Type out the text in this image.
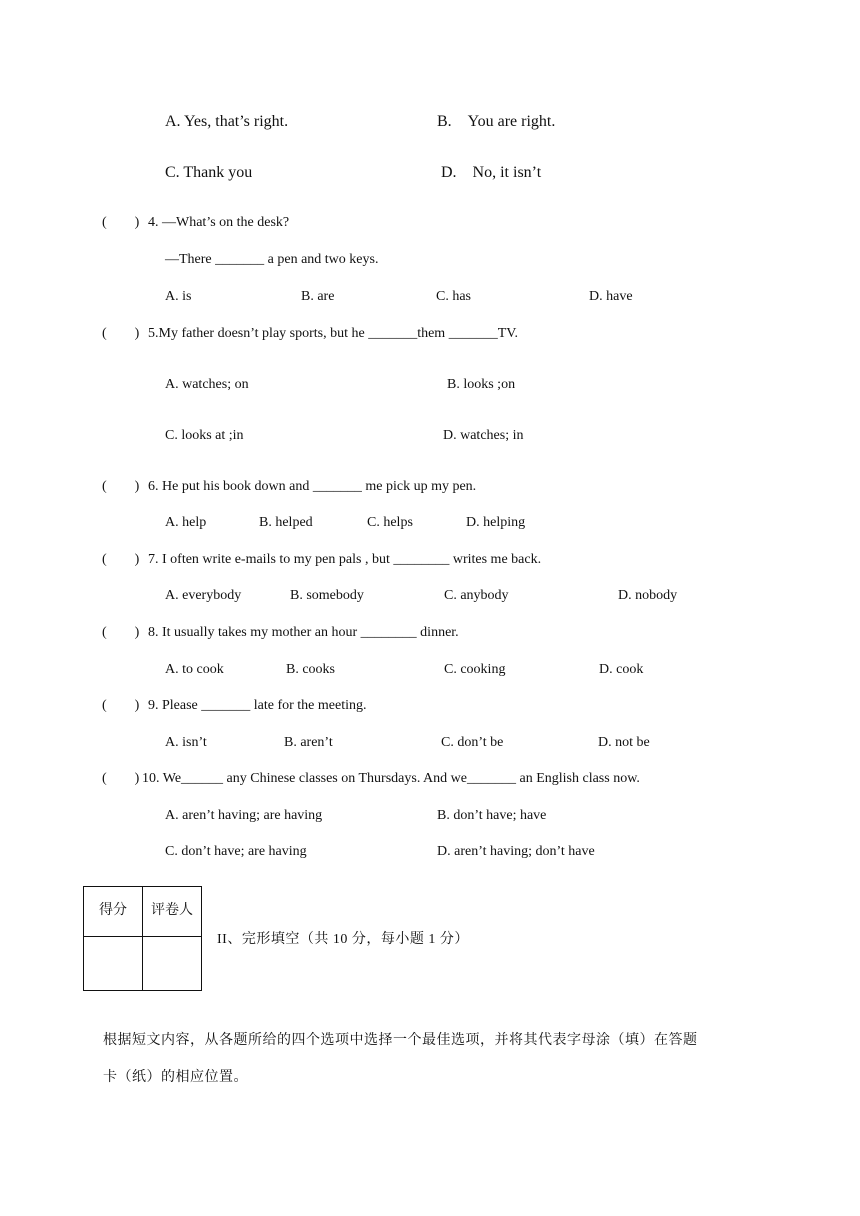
A. Yes, that’s right.	B.　You are right.
C. Thank you	D.　No, it isn’t
(　　) 4. —What’s on the desk?
—There _______ a pen and two keys.
A. is	B. are	C. has	D. have
(　　) 5.My father doesn’t play sports, but he _______them _______TV.
A. watches; on	B. looks ;on
C. looks at ;in	D. watches; in
(　　) 6. He put his book down and _______ me pick up my pen.
A. help	B. helped	C. helps	D. helping
(　　) 7. I often write e-mails to my pen pals , but ________ writes me back.
A. everybody	B. somebody	C. anybody	D. nobody
(　　) 8. It usually takes my mother an hour ________ dinner.
A. to cook	B. cooks	C. cooking	D. cook
(　　) 9. Please _______ late for the meeting.
A. isn’t	B. aren’t	C. don’t be	D. not be
(　　) 10. We______ any Chinese classes on Thursdays. And we_______ an English class now.
A. aren’t having; are having	B. don’t have; have
C. don’t have; are having	D. aren’t having; don’t have
得分	评卷人

II、完形填空（共 10 分，每小题 1 分）
根据短文内容，从各题所给的四个选项中选择一个最佳选项，并将其代表字母涂（填）在答题
卡（纸）的相应位置。
